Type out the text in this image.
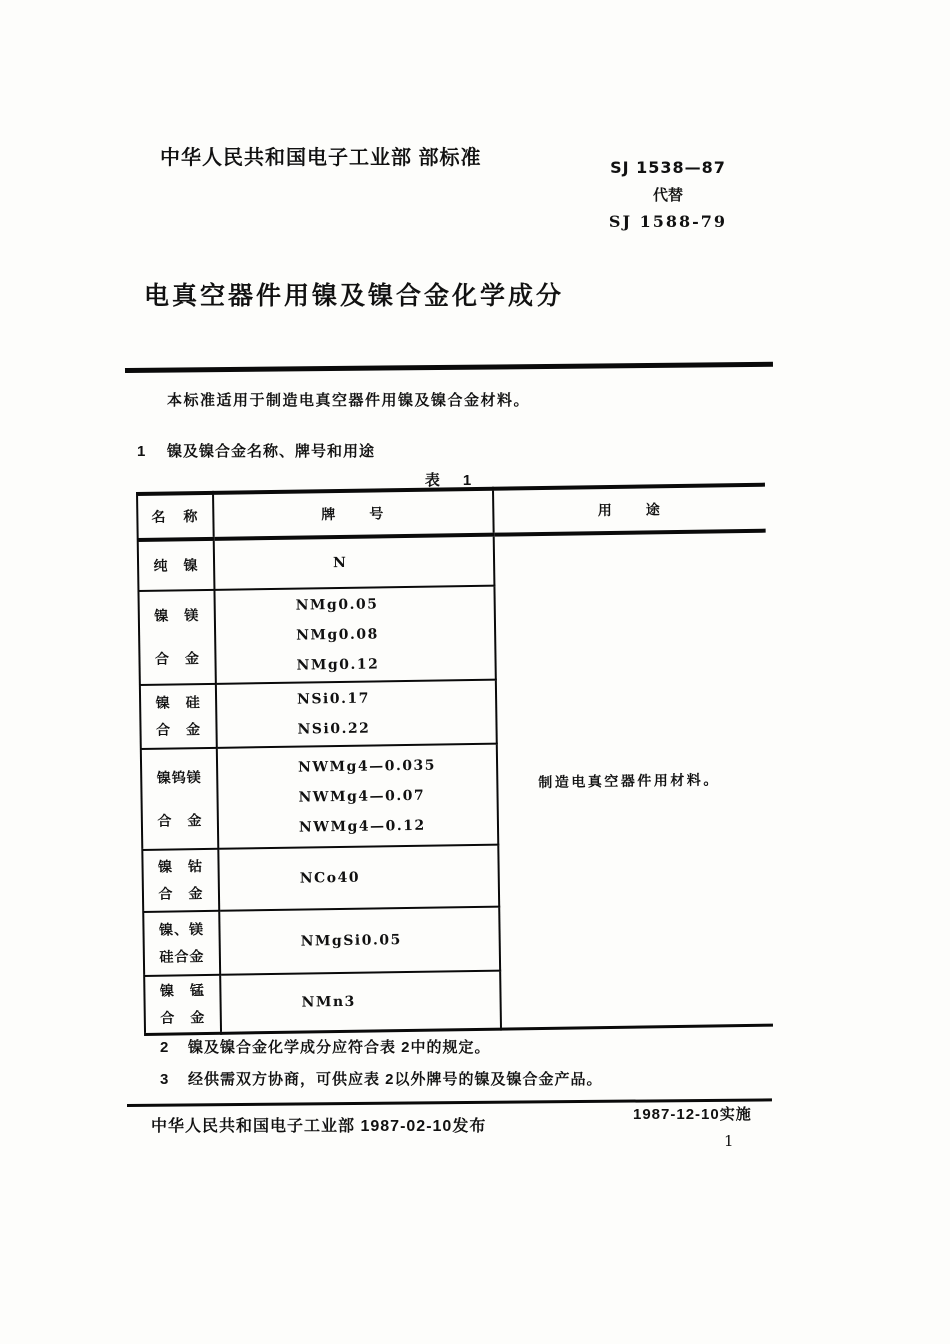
中华人民共和国电子工业部 部标准	SJ 1538—87
代替
SJ 1588-79
电真空器件用镍及镍合金化学成分
本标准适用于制造电真空器件用镍及镍合金材料。
1 镍及镍合金名称、牌号和用途
表　1
名　称	牌　　号	用　　途
纯　镍	N	制造电真空器件用材料。
镍　镁
合　金	NMg0.05
NMg0.08
NMg0.12	
镍　硅
合　金	NSi0.17
NSi0.22	
镍钨镁
合　金	NWMg4—0.035
NWMg4—0.07
NWMg4—0.12	
镍　钴
合　金	NCo40	
镍、镁
硅合金	NMgSi0.05	
镍　锰
合　金	NMn3	
2 镍及镍合金化学成分应符合表 2中的规定。
3 经供需双方协商，可供应表 2以外牌号的镍及镍合金产品。
中华人民共和国电子工业部 1987-02-10发布
1987-12-10实施
1
